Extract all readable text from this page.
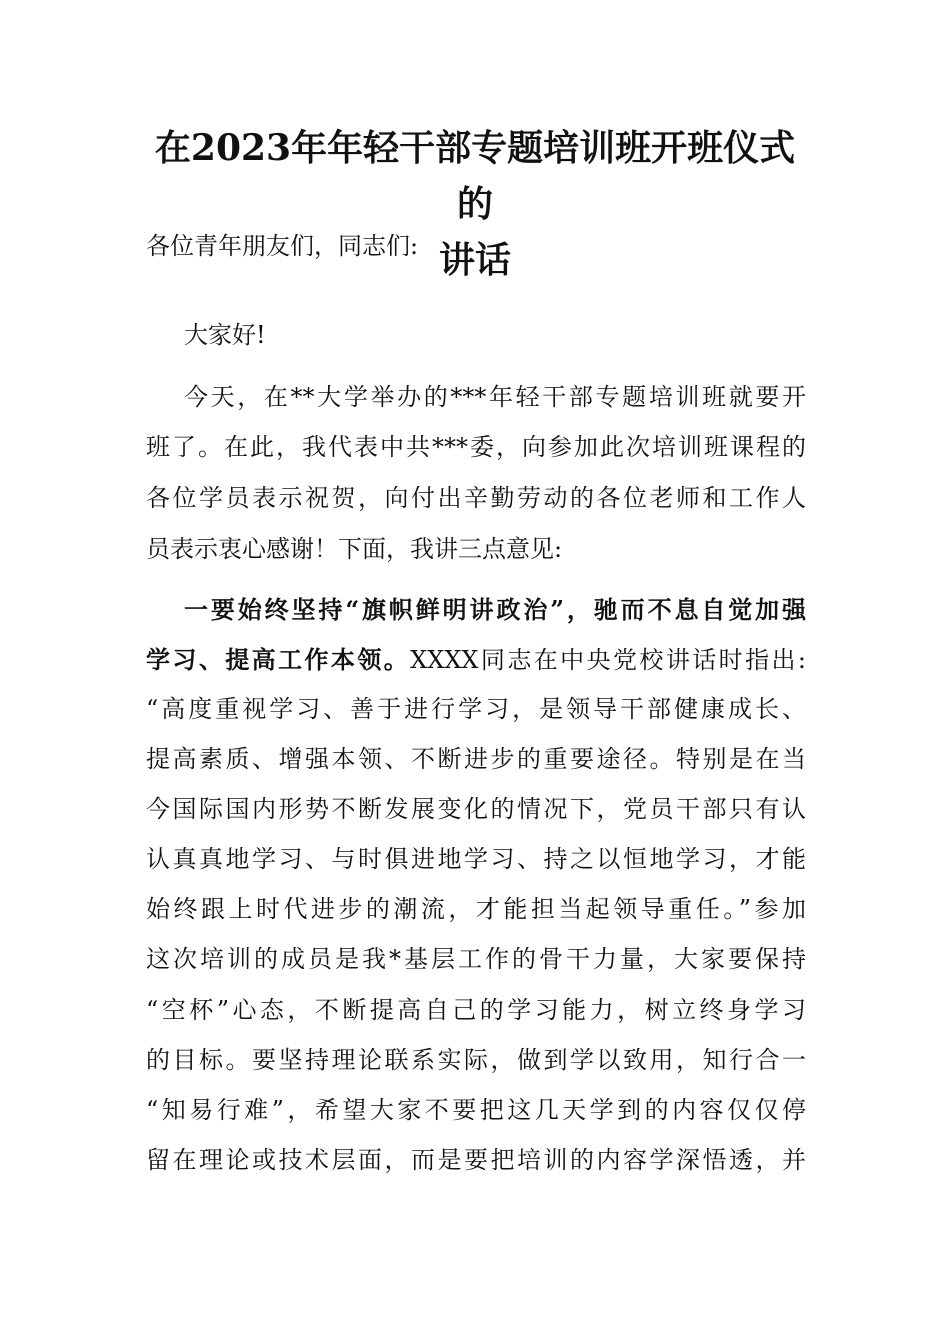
在2023年年轻干部专题培训班开班仪式的
讲话

各位青年朋友们，同志们:

大家好!

今天，在**大学举办的***年轻干部专题培训班就要开

班了。在此，我代表中共***委，向参加此次培训班课程的

各位学员表示祝贺，向付出辛勤劳动的各位老师和工作人

员表示衷心感谢！下面，我讲三点意见:

一要始终坚持“旗帜鲜明讲政治”，驰而不息自觉加强

学习、提高工作本领。XXXX同志在中央党校讲话时指出:

“高度重视学习、善于进行学习，是领导干部健康成长、

提高素质、增强本领、不断进步的重要途径。特别是在当

今国际国内形势不断发展变化的情况下，党员干部只有认

认真真地学习、与时俱进地学习、持之以恒地学习，才能

始终跟上时代进步的潮流，才能担当起领导重任。”参加

这次培训的成员是我*基层工作的骨干力量，大家要保持

“空杯”心态，不断提高自己的学习能力，树立终身学习

的目标。要坚持理论联系实际，做到学以致用，知行合一

“知易行难”，希望大家不要把这几天学到的内容仅仅停

留在理论或技术层面，而是要把培训的内容学深悟透，并
